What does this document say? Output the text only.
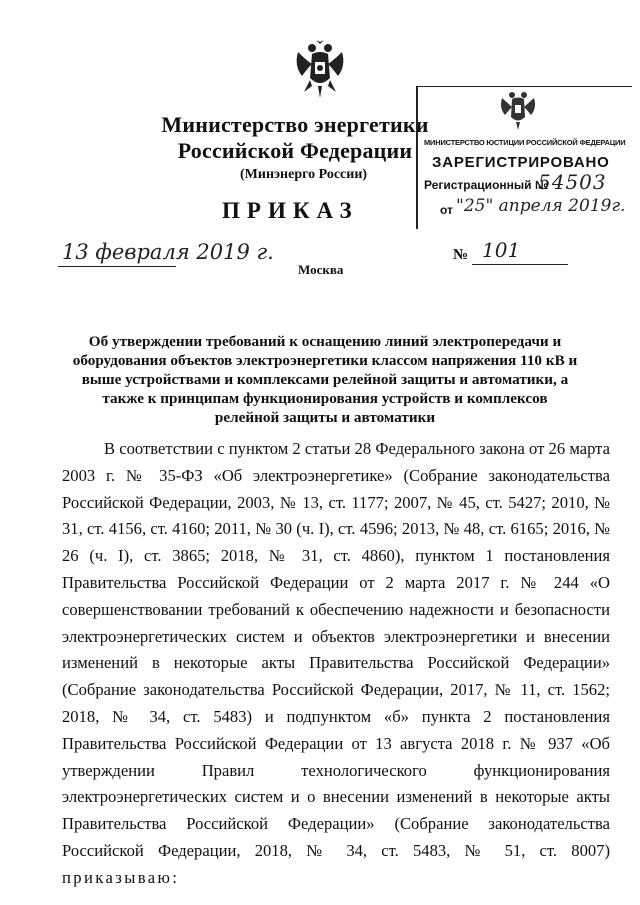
Министерство энергетики
Российской Федерации
(Минэнерго России)
ПРИКАЗ
МИНИСТЕРСТВО ЮСТИЦИИ РОССИЙСКОЙ ФЕДЕРАЦИИ
ЗАРЕГИСТРИРОВАНО
Регистрационный №
54503
от "25" апреля 2019г.
13 февраля 2019 г.	№ 101
Москва
Об утверждении требований к оснащению линий электропередачи и оборудования объектов электроэнергетики классом напряжения 110 кВ и выше устройствами и комплексами релейной защиты и автоматики, а также к принципам функционирования устройств и комплексов релейной защиты и автоматики
В соответствии с пунктом 2 статьи 28 Федерального закона от 26 марта 2003 г. № 35-ФЗ «Об электроэнергетике» (Собрание законодательства Российской Федерации, 2003, № 13, ст. 1177; 2007, № 45, ст. 5427; 2010, № 31, ст. 4156, ст. 4160; 2011, № 30 (ч. I), ст. 4596; 2013, № 48, ст. 6165; 2016, № 26 (ч. I), ст. 3865; 2018, № 31, ст. 4860), пунктом 1 постановления Правительства Российской Федерации от 2 марта 2017 г. № 244 «О совершенствовании требований к обеспечению надежности и безопасности электроэнергетических систем и объектов электроэнергетики и внесении изменений в некоторые акты Правительства Российской Федерации» (Собрание законодательства Российской Федерации, 2017, № 11, ст. 1562; 2018, № 34, ст. 5483) и подпунктом «б» пункта 2 постановления Правительства Российской Федерации от 13 августа 2018 г. № 937 «Об утверждении Правил технологического функционирования электроэнергетических систем и о внесении изменений в некоторые акты Правительства Российской Федерации» (Собрание законодательства Российской Федерации, 2018, № 34, ст. 5483, № 51, ст. 8007) приказываю:
